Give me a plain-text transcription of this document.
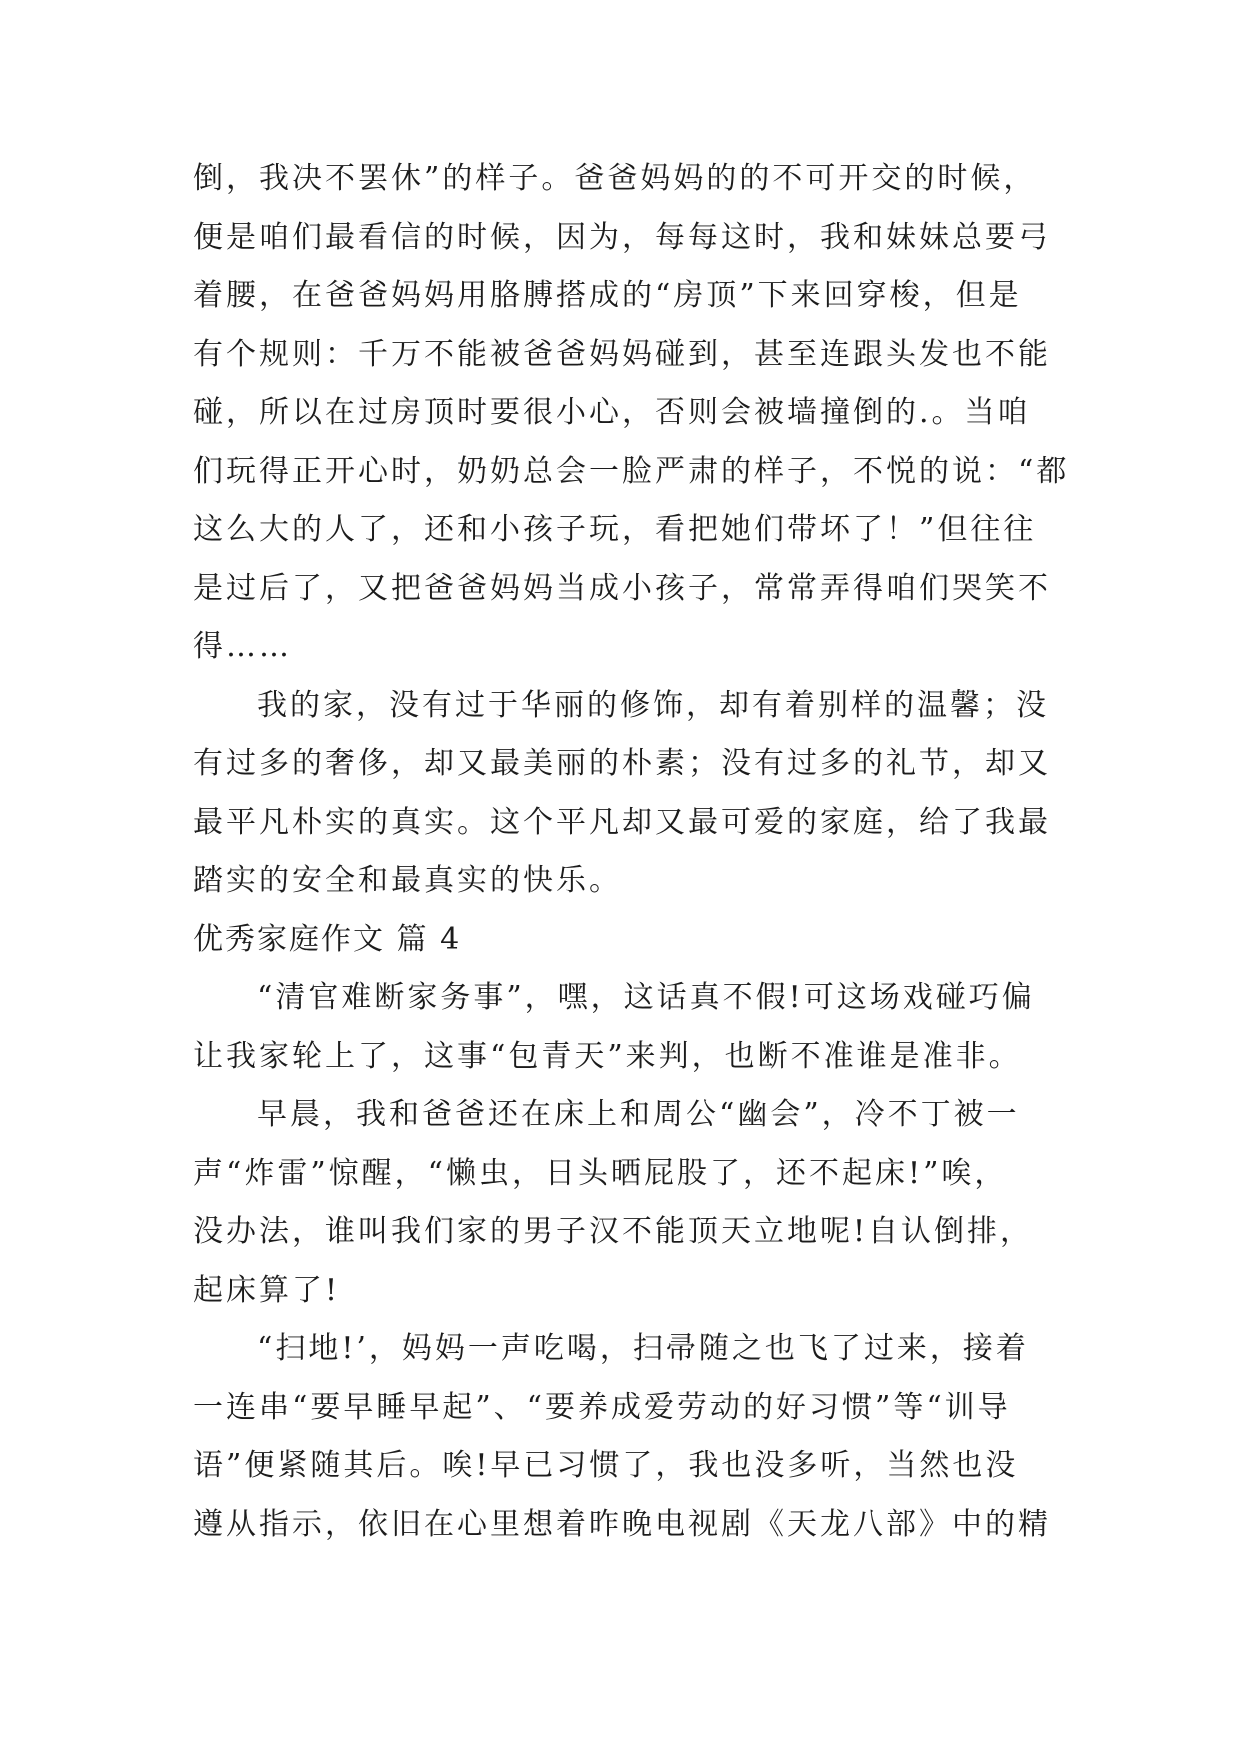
倒，我决不罢休”的样子。爸爸妈妈的的不可开交的时候，
便是咱们最看信的时候，因为，每每这时，我和妹妹总要弓
着腰，在爸爸妈妈用胳膊搭成的“房顶”下来回穿梭，但是
有个规则：千万不能被爸爸妈妈碰到，甚至连跟头发也不能
碰，所以在过房顶时要很小心，否则会被墙撞倒的.。当咱
们玩得正开心时，奶奶总会一脸严肃的样子，不悦的说：“都
这么大的人了，还和小孩子玩，看把她们带坏了！”但往往
是过后了，又把爸爸妈妈当成小孩子，常常弄得咱们哭笑不
得……
我的家，没有过于华丽的修饰，却有着别样的温馨；没
有过多的奢侈，却又最美丽的朴素；没有过多的礼节，却又
最平凡朴实的真实。这个平凡却又最可爱的家庭，给了我最
踏实的安全和最真实的快乐。
优秀家庭作文 篇 4
“清官难断家务事”，嘿，这话真不假!可这场戏碰巧偏
让我家轮上了，这事“包青天”来判，也断不准谁是准非。
早晨，我和爸爸还在床上和周公“幽会”，冷不丁被一
声“炸雷”惊醒，“懒虫，日头晒屁股了，还不起床!”唉，
没办法，谁叫我们家的男子汉不能顶天立地呢!自认倒排，
起床算了!
“扫地!’，妈妈一声吃喝，扫帚随之也飞了过来，接着
一连串“要早睡早起”、“要养成爱劳动的好习惯”等“训导
语”便紧随其后。唉!早已习惯了，我也没多听，当然也没
遵从指示，依旧在心里想着昨晚电视剧《天龙八部》中的精
